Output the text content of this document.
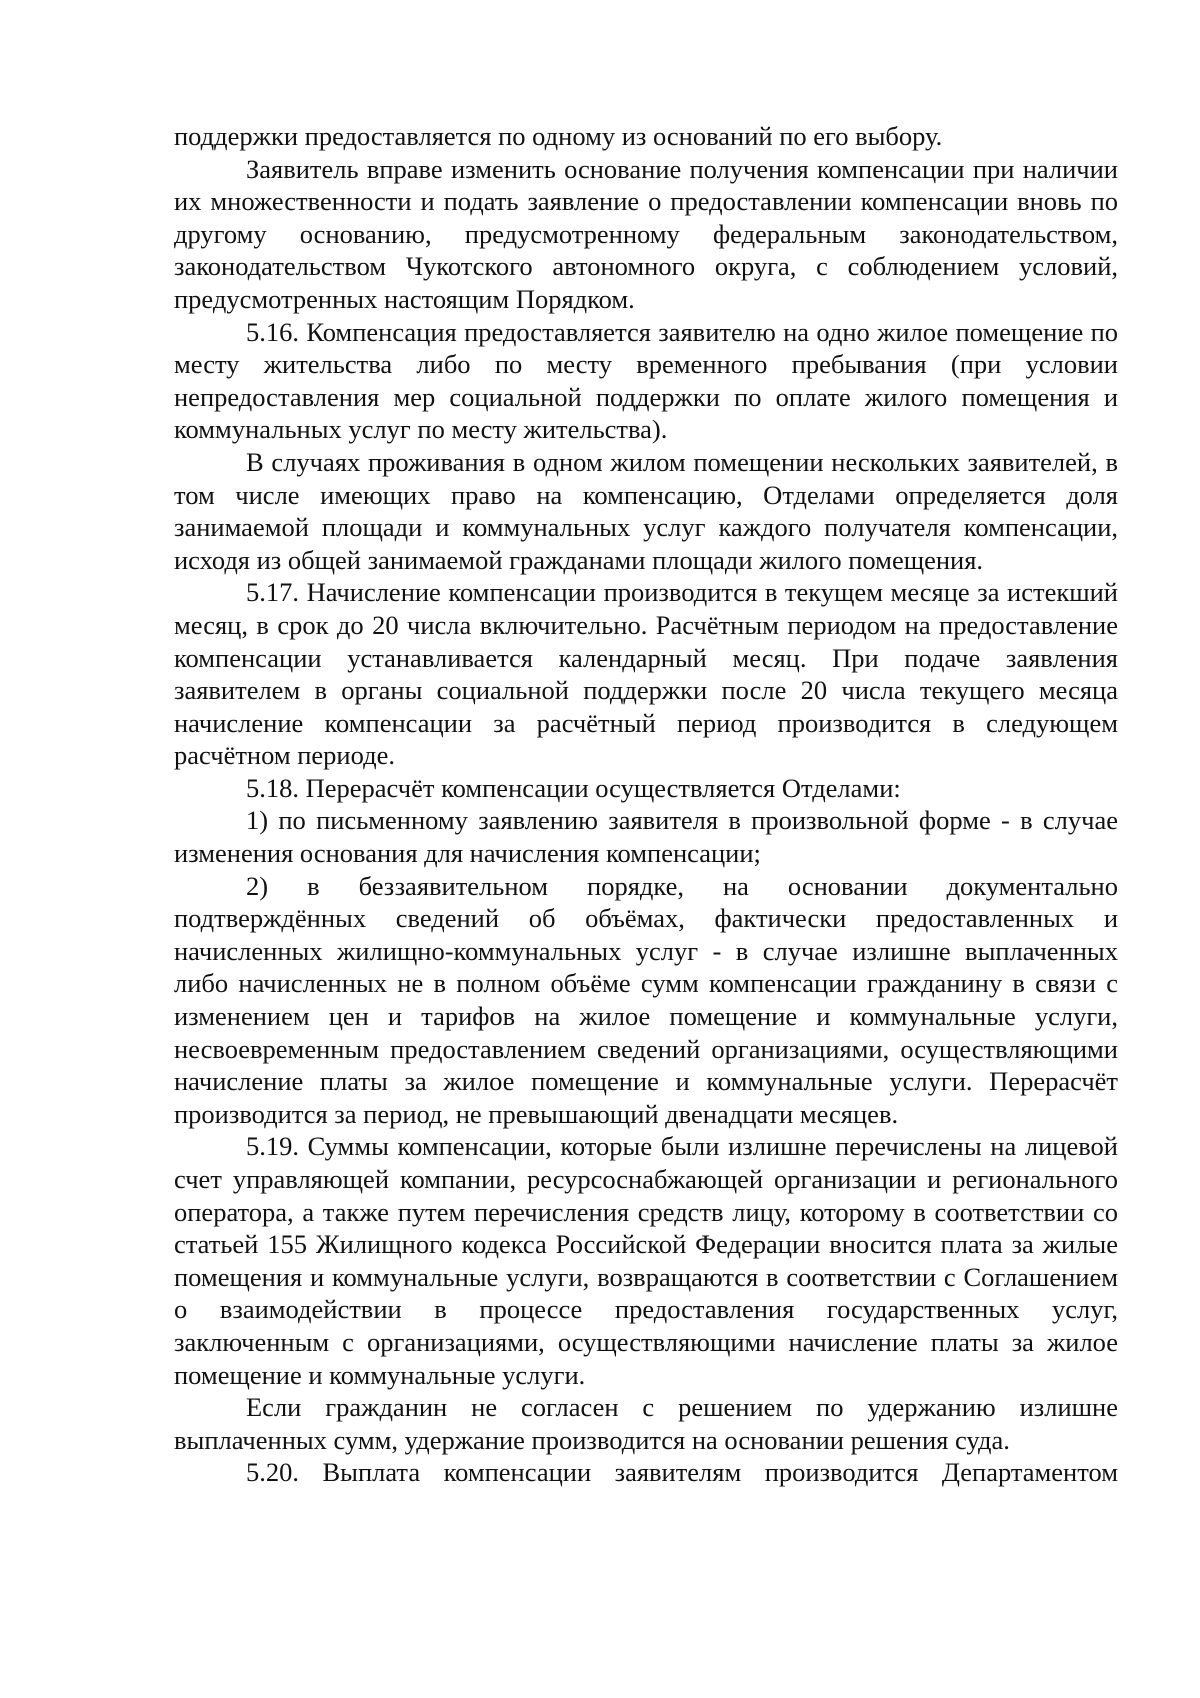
поддержки предоставляется по одному из оснований по его выбору.

Заявитель вправе изменить основание получения компенсации при наличии их множественности и подать заявление о предоставлении компенсации вновь по другому основанию, предусмотренному федеральным законодательством, законодательством Чукотского автономного округа, с соблюдением условий, предусмотренных настоящим Порядком.

5.16. Компенсация предоставляется заявителю на одно жилое помещение по месту жительства либо по месту временного пребывания (при условии непредоставления мер социальной поддержки по оплате жилого помещения и коммунальных услуг по месту жительства).

В случаях проживания в одном жилом помещении нескольких заявителей, в том числе имеющих право на компенсацию, Отделами определяется доля занимаемой площади и коммунальных услуг каждого получателя компенсации, исходя из общей занимаемой гражданами площади жилого помещения.

5.17. Начисление компенсации производится в текущем месяце за истекший месяц, в срок до 20 числа включительно. Расчётным периодом на предоставление компенсации устанавливается календарный месяц. При подаче заявления заявителем в органы социальной поддержки после 20 числа текущего месяца начисление компенсации за расчётный период производится в следующем расчётном периоде.

5.18. Перерасчёт компенсации осуществляется Отделами:

1) по письменному заявлению заявителя в произвольной форме - в случае изменения основания для начисления компенсации;

2) в беззаявительном порядке, на основании документально подтверждённых сведений об объёмах, фактически предоставленных и начисленных жилищно-коммунальных услуг - в случае излишне выплаченных либо начисленных не в полном объёме сумм компенсации гражданину в связи с изменением цен и тарифов на жилое помещение и коммунальные услуги, несвоевременным предоставлением сведений организациями, осуществляющими начисление платы за жилое помещение и коммунальные услуги. Перерасчёт производится за период, не превышающий двенадцати месяцев.

5.19. Суммы компенсации, которые были излишне перечислены на лицевой счет управляющей компании, ресурсоснабжающей организации и регионального оператора, а также путем перечисления средств лицу, которому в соответствии со статьей 155 Жилищного кодекса Российской Федерации вносится плата за жилые помещения и коммунальные услуги, возвращаются в соответствии с Соглашением о взаимодействии в процессе предоставления государственных услуг, заключенным с организациями, осуществляющими начисление платы за жилое помещение и коммунальные услуги.

Если гражданин не согласен с решением по удержанию излишне выплаченных сумм, удержание производится на основании решения суда.

5.20. Выплата компенсации заявителям производится Департаментом
